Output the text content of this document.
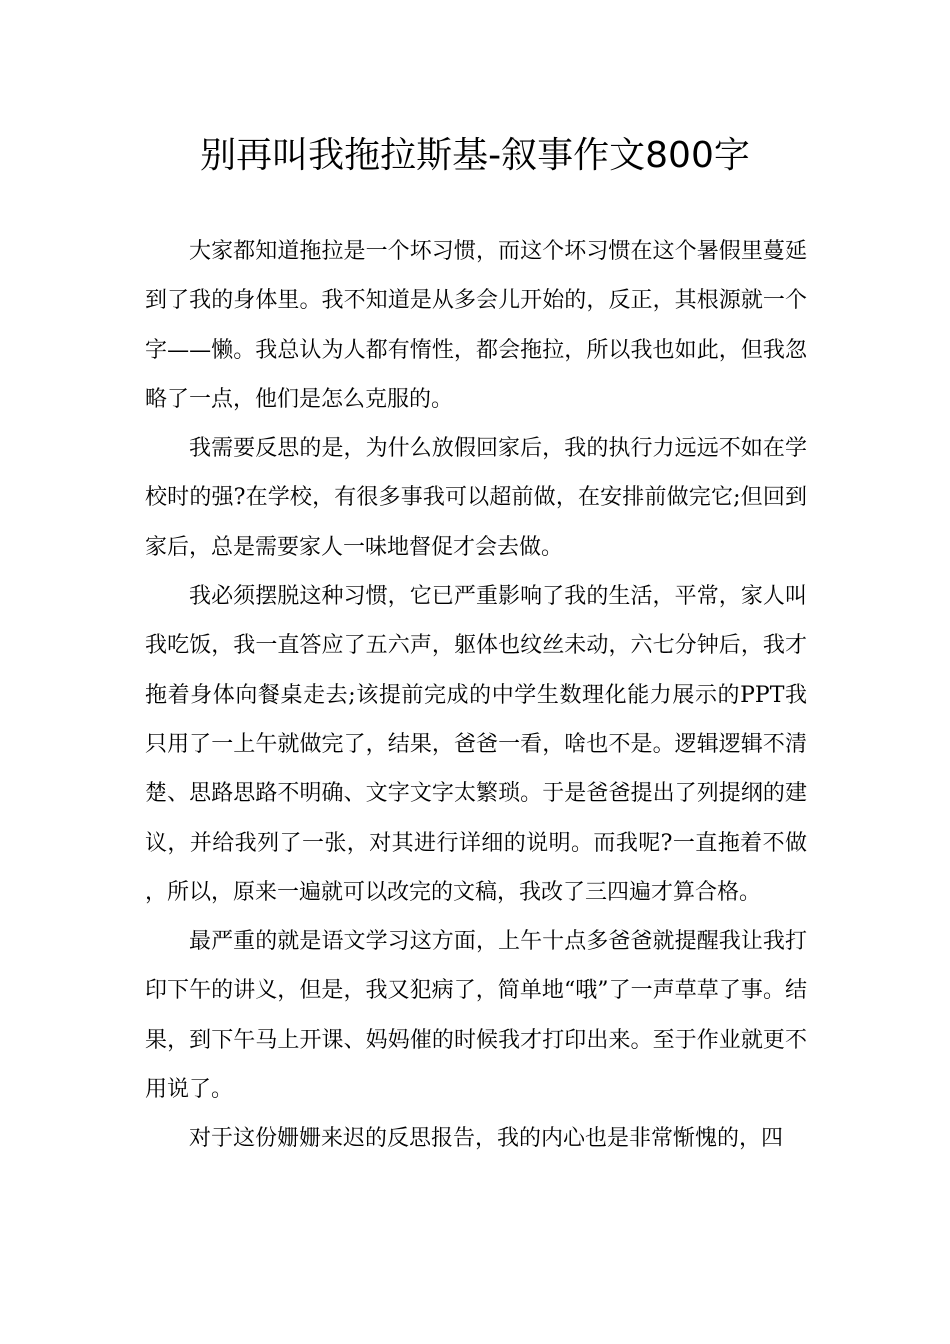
别再叫我拖拉斯基-叙事作文800字

大家都知道拖拉是一个坏习惯，而这个坏习惯在这个暑假里蔓延到了我的身体里。我不知道是从多会儿开始的，反正，其根源就一个字——懒。我总认为人都有惰性，都会拖拉，所以我也如此，但我忽略了一点，他们是怎么克服的。

我需要反思的是，为什么放假回家后，我的执行力远远不如在学校时的强?在学校，有很多事我可以超前做，在安排前做完它;但回到家后，总是需要家人一味地督促才会去做。

我必须摆脱这种习惯，它已严重影响了我的生活，平常，家人叫我吃饭，我一直答应了五六声，躯体也纹丝未动，六七分钟后，我才拖着身体向餐桌走去;该提前完成的中学生数理化能力展示的PPT我只用了一上午就做完了，结果，爸爸一看，啥也不是。逻辑逻辑不清楚、思路思路不明确、文字文字太繁琐。于是爸爸提出了列提纲的建议，并给我列了一张，对其进行详细的说明。而我呢?一直拖着不做，所以，原来一遍就可以改完的文稿，我改了三四遍才算合格。

最严重的就是语文学习这方面，上午十点多爸爸就提醒我让我打印下午的讲义，但是，我又犯病了，简单地“哦”了一声草草了事。结果，到下午马上开课、妈妈催的时候我才打印出来。至于作业就更不用说了。

对于这份姗姗来迟的反思报告，我的内心也是非常惭愧的，四
